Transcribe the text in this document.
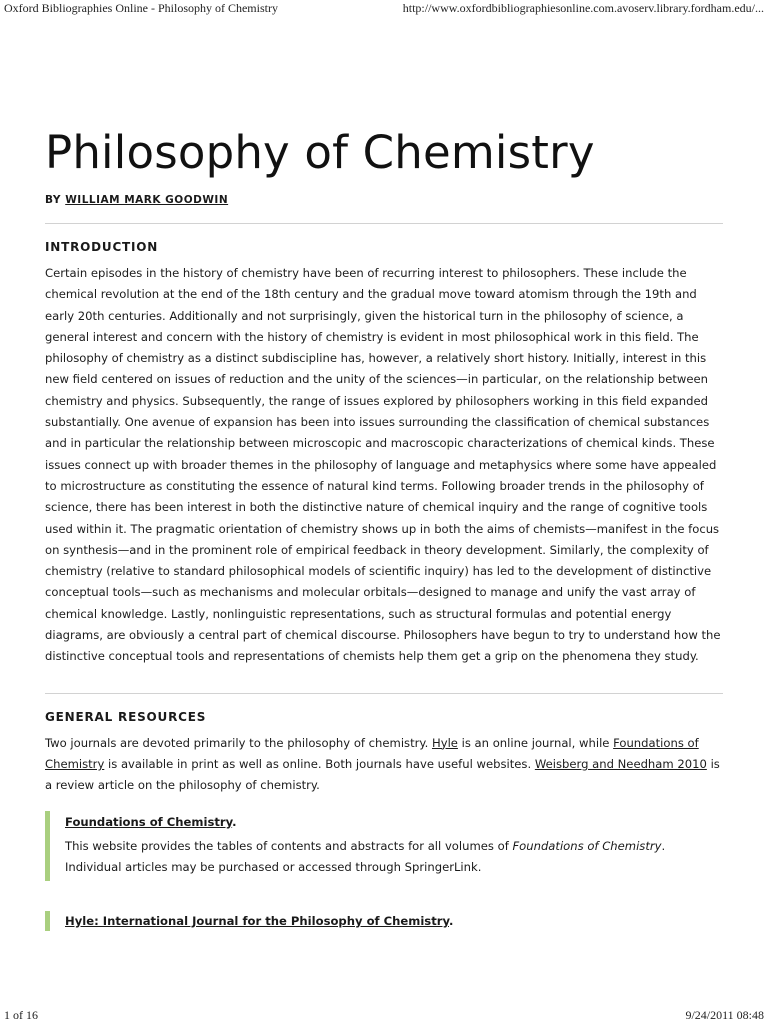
Oxford Bibliographies Online - Philosophy of Chemistry	http://www.oxfordbibliographiesonline.com.avoserv.library.fordham.edu/...
Philosophy of Chemistry
BY WILLIAM MARK GOODWIN
INTRODUCTION

Certain episodes in the history of chemistry have been of recurring interest to philosophers. These include the chemical revolution at the end of the 18th century and the gradual move toward atomism through the 19th and early 20th centuries. Additionally and not surprisingly, given the historical turn in the philosophy of science, a general interest and concern with the history of chemistry is evident in most philosophical work in this field. The philosophy of chemistry as a distinct subdiscipline has, however, a relatively short history. Initially, interest in this new field centered on issues of reduction and the unity of the sciences—in particular, on the relationship between chemistry and physics. Subsequently, the range of issues explored by philosophers working in this field expanded substantially. One avenue of expansion has been into issues surrounding the classification of chemical substances and in particular the relationship between microscopic and macroscopic characterizations of chemical kinds. These issues connect up with broader themes in the philosophy of language and metaphysics where some have appealed to microstructure as constituting the essence of natural kind terms. Following broader trends in the philosophy of science, there has been interest in both the distinctive nature of chemical inquiry and the range of cognitive tools used within it. The pragmatic orientation of chemistry shows up in both the aims of chemists—manifest in the focus on synthesis—and in the prominent role of empirical feedback in theory development. Similarly, the complexity of chemistry (relative to standard philosophical models of scientific inquiry) has led to the development of distinctive conceptual tools—such as mechanisms and molecular orbitals—designed to manage and unify the vast array of chemical knowledge. Lastly, nonlinguistic representations, such as structural formulas and potential energy diagrams, are obviously a central part of chemical discourse. Philosophers have begun to try to understand how the distinctive conceptual tools and representations of chemists help them get a grip on the phenomena they study.

GENERAL RESOURCES

Two journals are devoted primarily to the philosophy of chemistry. Hyle is an online journal, while Foundations of Chemistry is available in print as well as online. Both journals have useful websites. Weisberg and Needham 2010 is a review article on the philosophy of chemistry.

Foundations of Chemistry.
This website provides the tables of contents and abstracts for all volumes of Foundations of Chemistry. Individual articles may be purchased or accessed through SpringerLink.
Hyle: International Journal for the Philosophy of Chemistry.
1 of 16	9/24/2011 08:48
